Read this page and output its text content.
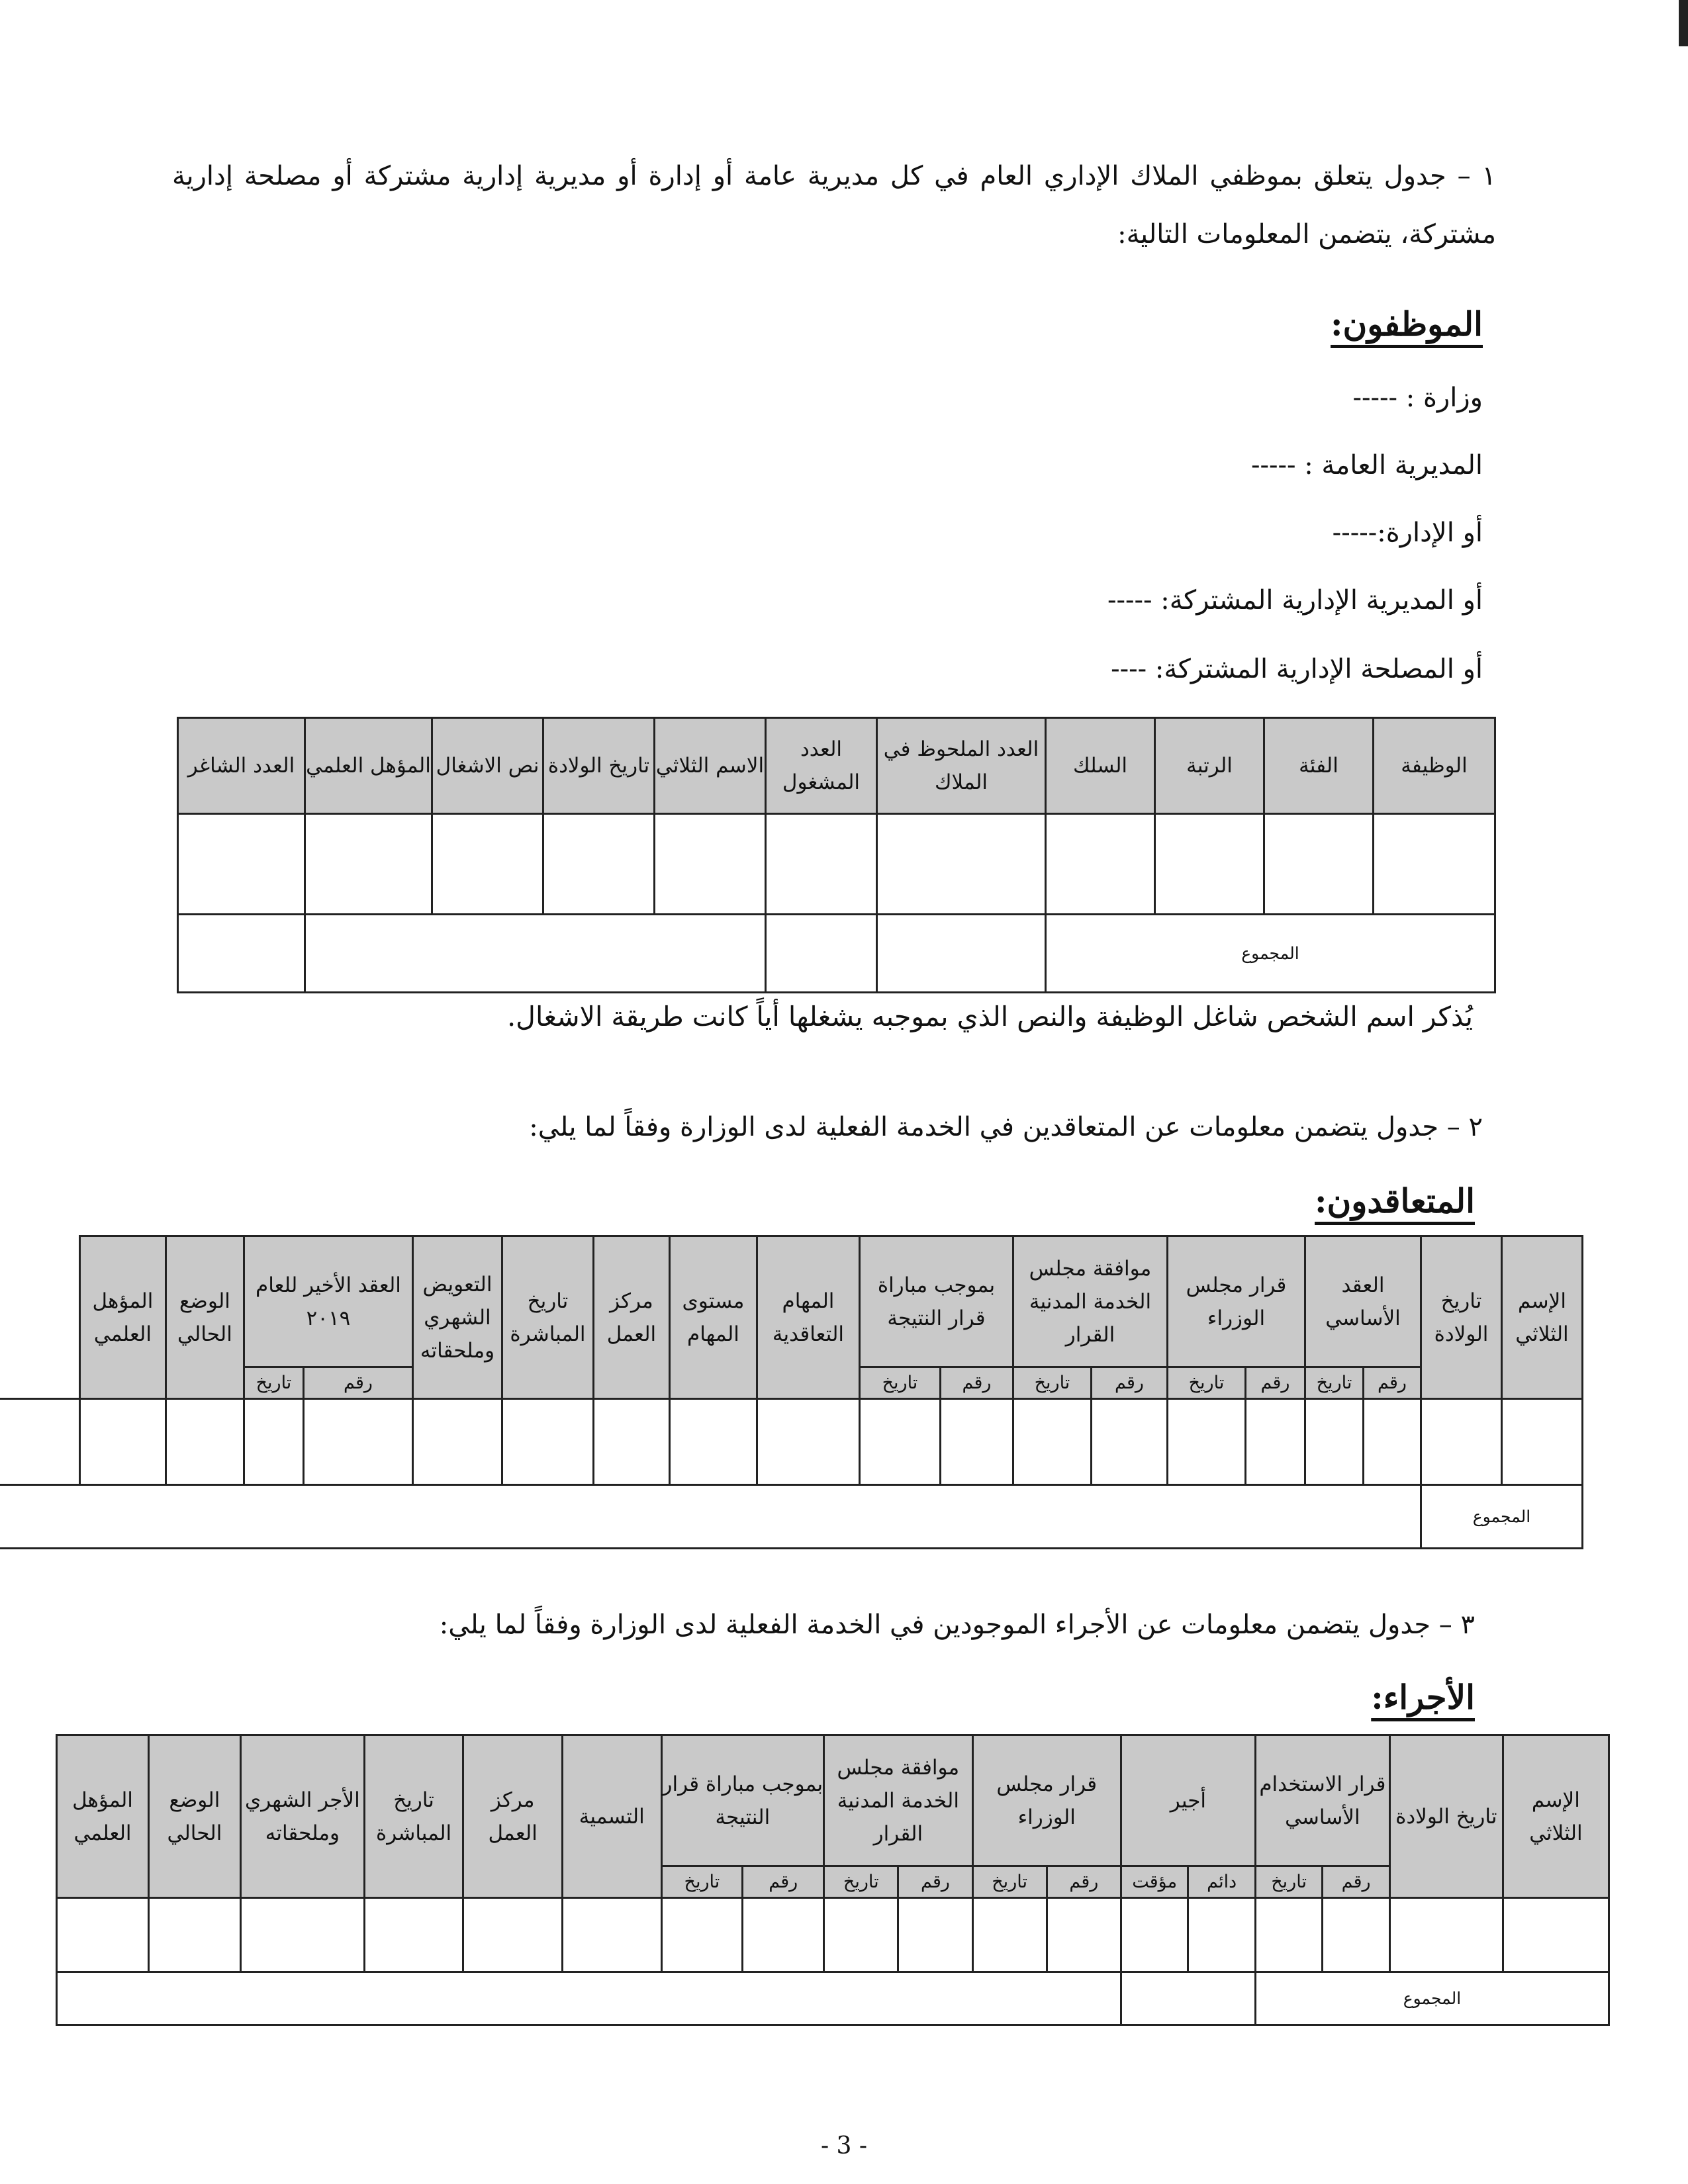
١ – جدول يتعلق بموظفي الملاك الإداري العام في كل مديرية عامة أو إدارة أو مديرية إدارية مشتركة أو مصلحة إدارية مشتركة، يتضمن المعلومات التالية:
الموظفون:
وزارة : -----
المديرية العامة : -----
أو الإدارة:-----
أو المديرية الإدارية المشتركة: -----
أو المصلحة الإدارية المشتركة: ----
الوظيفة	الفئة	الرتبة	السلك	العدد الملحوظ في الملاك	العدد المشغول	الاسم الثلاثي	تاريخ الولادة	نص الاشغال	المؤهل العلمي	العدد الشاغر

المجموع										
يُذكر اسم الشخص شاغل الوظيفة والنص الذي بموجبه يشغلها أياً كانت طريقة الاشغال.
٢ – جدول يتضمن معلومات عن المتعاقدين في الخدمة الفعلية لدى الوزارة وفقاً لما يلي:
المتعاقدون:
الإسم الثلاثي	تاريخ الولادة	العقد الأساسي		قرار مجلس الوزراء		موافقة مجلس الخدمة المدنية القرار		بموجب مباراة قرار النتيجة		المهام التعاقدية	مستوى المهام	مركز العمل	تاريخ المباشرة	التعويض الشهري وملحقاته	العقد الأخير للعام ٢٠١٩		الوضع الحالي	المؤهل العلمي	
		رقم	تاريخ	رقم	تاريخ	رقم	تاريخ	رقم	تاريخ						رقم	تاريخ			

المجموع																			
٣ – جدول يتضمن معلومات عن الأجراء الموجودين في الخدمة الفعلية لدى الوزارة وفقاً لما يلي:
الأجراء:
الإسم الثلاثي	تاريخ الولادة	قرار الاستخدام الأساسي		أجير		قرار مجلس الوزراء		موافقة مجلس الخدمة المدنية القرار		بموجب مباراة قرار النتيجة		التسمية	مركز العمل	تاريخ المباشرة	الأجر الشهري وملحقاته	الوضع الحالي	المؤهل العلمي
		رقم	تاريخ	دائم	مؤقت	رقم	تاريخ	رقم	تاريخ	رقم	تاريخ						

المجموع																	
- 3 -
